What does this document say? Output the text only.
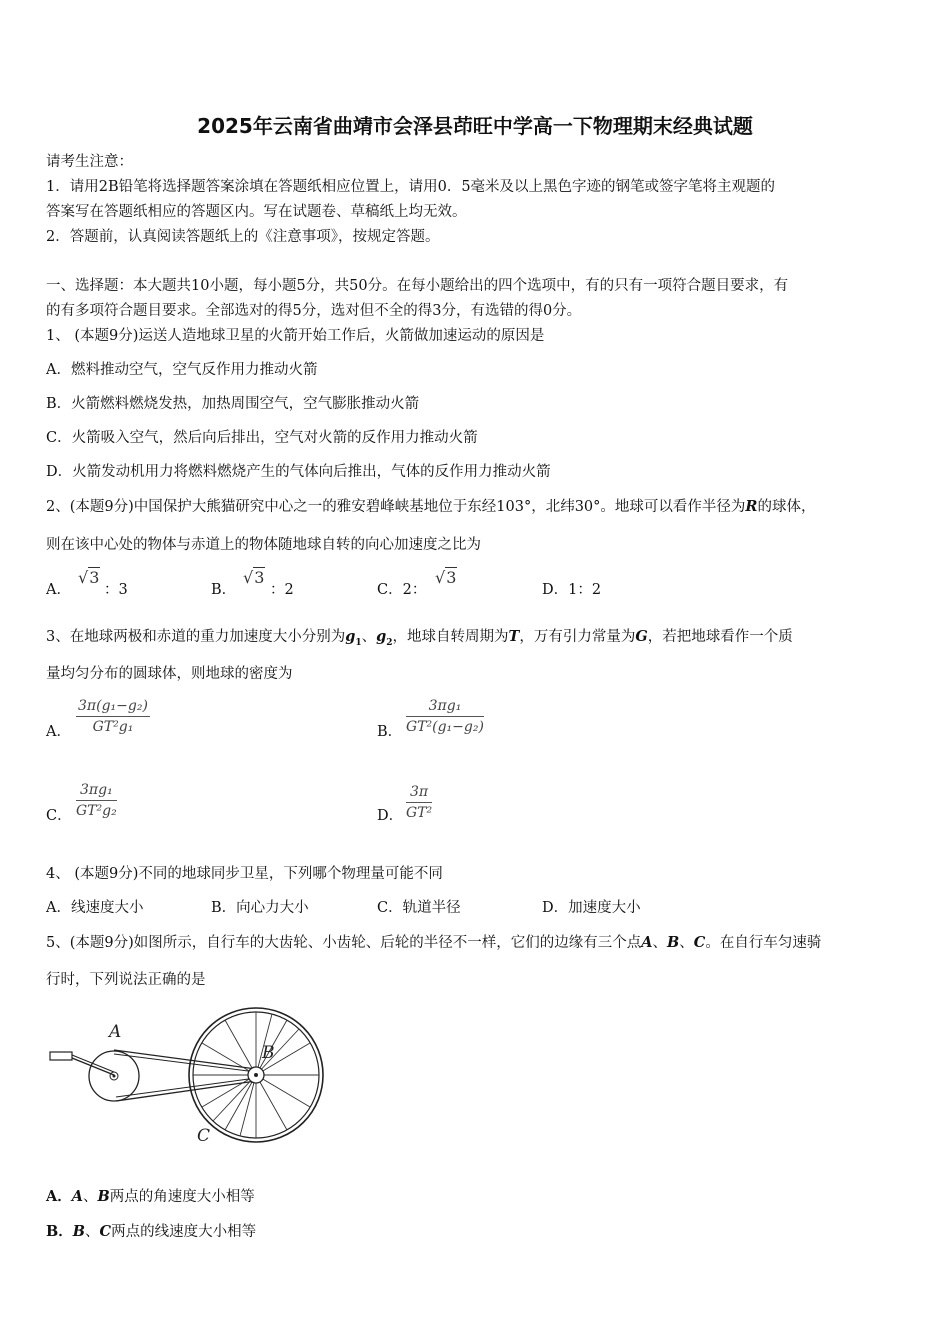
2025年云南省曲靖市会泽县茚旺中学高一下物理期末经典试题
请考生注意：
1．请用2B铅笔将选择题答案涂填在答题纸相应位置上，请用0．5毫米及以上黑色字迹的钢笔或签字笔将主观题的
答案写在答题纸相应的答题区内。写在试题卷、草稿纸上均无效。
2．答题前，认真阅读答题纸上的《注意事项》，按规定答题。
一、选择题：本大题共10小题，每小题5分，共50分。在每小题给出的四个选项中，有的只有一项符合题目要求，有
的有多项符合题目要求。全部选对的得5分，选对但不全的得3分，有选错的得0分。
1、 (本题9分)运送人造地球卫星的火箭开始工作后，火箭做加速运动的原因是
A．燃料推动空气，空气反作用力推动火箭
B．火箭燃料燃烧发热，加热周围空气，空气膨胀推动火箭
C．火箭吸入空气，然后向后排出，空气对火箭的反作用力推动火箭
D．火箭发动机用力将燃料燃烧产生的气体向后推出，气体的反作用力推动火箭
2、(本题9分)中国保护大熊猫研究中心之一的雅安碧峰峡基地位于东经103°，北纬30°。地球可以看作半径为R的球体，
则在该中心处的物体与赤道上的物体随地球自转的向心加速度之比为
A．
√3
：3	B．
√3
：2	C．2：
√3
D．1：2
3、在地球两极和赤道的重力加速度大小分别为$g_1$、$g_2$，地球自转周期为T，万有引力常量为G，若把地球看作一个质
量均匀分布的圆球体，则地球的密度为
A． $\frac{\text{3π(g₁−g₂)}}{\text{GT²g₁}}$	B． $\frac{\text{3πg₁}}{\text{GT²(g₁−g₂)}}$
C． $\frac{\text{3πg₁}}{\text{GT²g₂}}$	D． $\frac{3\pi}{\text{GT²}}$
4、 (本题9分)不同的地球同步卫星，下列哪个物理量可能不同
A．线速度大小	B．向心力大小	C．轨道半径	D．加速度大小
5、(本题9分)如图所示，自行车的大齿轮、小齿轮、后轮的半径不一样，它们的边缘有三个点A、B、C。在自行车匀速骑
行时，下列说法正确的是
A
B
C
A．A、B两点的角速度大小相等
B．B、C两点的线速度大小相等
